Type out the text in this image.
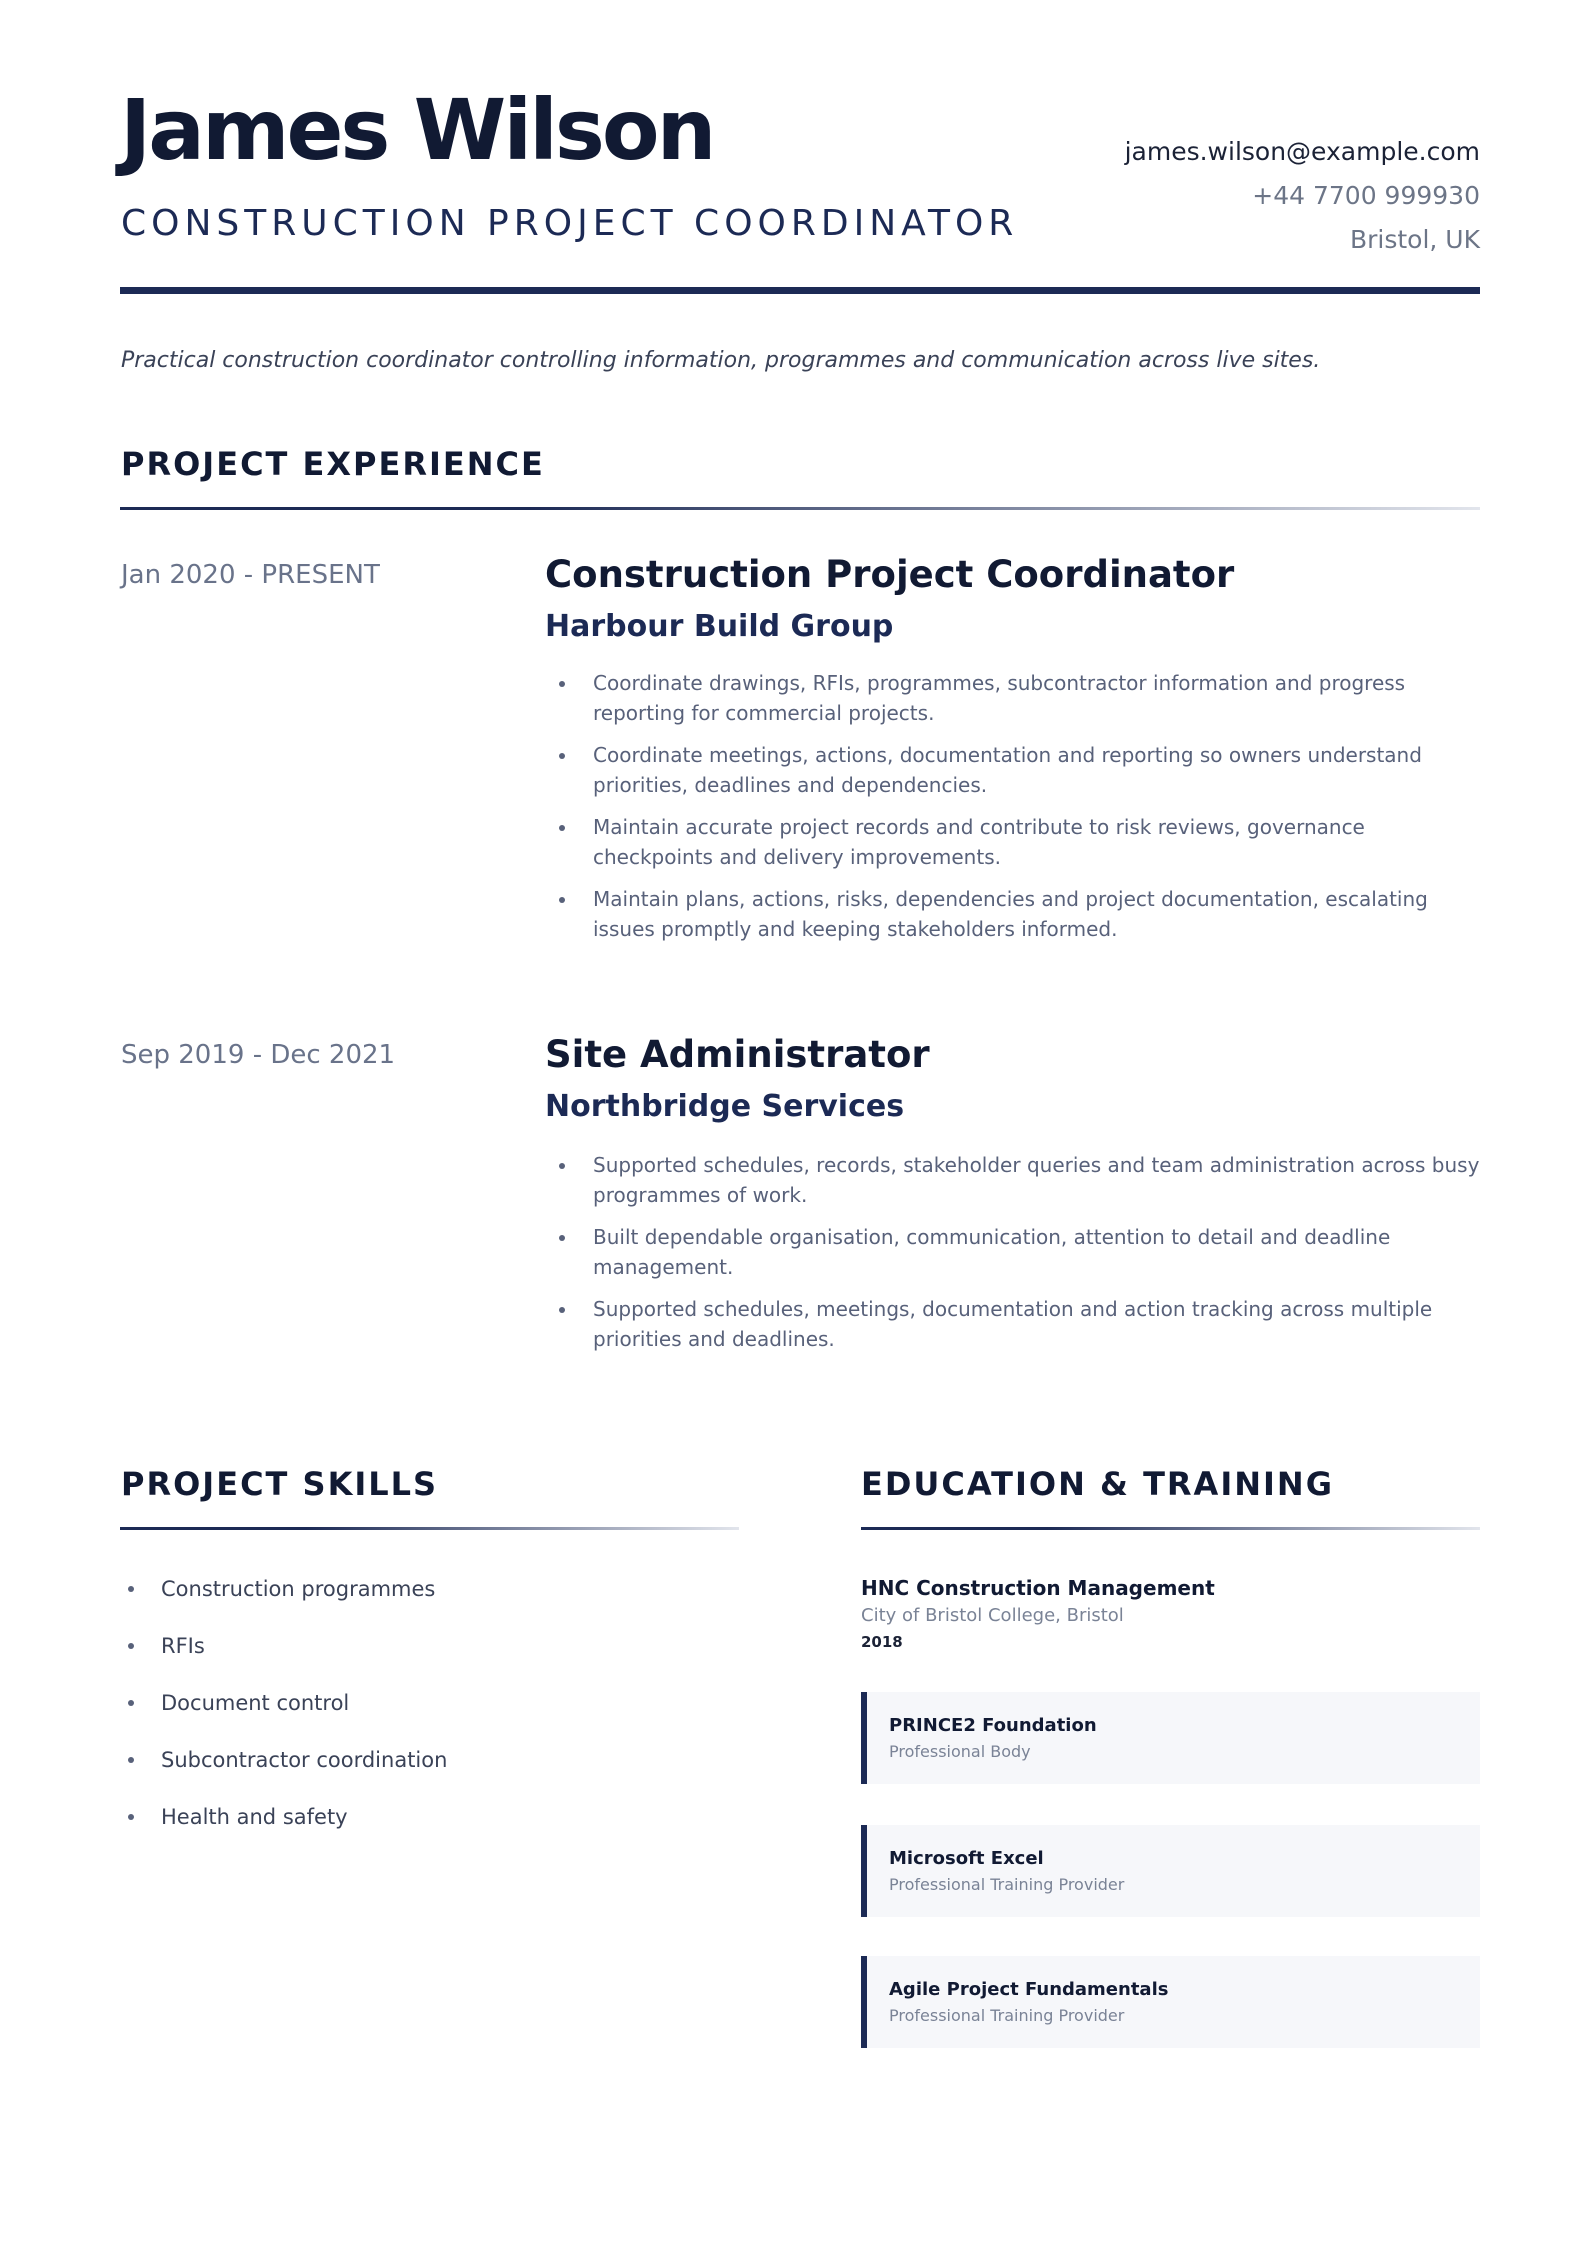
James Wilson
CONSTRUCTION PROJECT COORDINATOR
james.wilson@example.com
+44 7700 999930
Bristol, UK
Practical construction coordinator controlling information, programmes and communication across live sites.
PROJECT EXPERIENCE
Jan 2020 - PRESENT	Construction Project Coordinator
Harbour Build Group
Coordinate drawings, RFIs, programmes, subcontractor information and progress reporting for commercial projects.
Coordinate meetings, actions, documentation and reporting so owners understand priorities, deadlines and dependencies.
Maintain accurate project records and contribute to risk reviews, governance checkpoints and delivery improvements.
Maintain plans, actions, risks, dependencies and project documentation, escalating issues promptly and keeping stakeholders informed.
Sep 2019 - Dec 2021	Site Administrator
Northbridge Services
Supported schedules, records, stakeholder queries and team administration across busy programmes of work.
Built dependable organisation, communication, attention to detail and deadline management.
Supported schedules, meetings, documentation and action tracking across multiple priorities and deadlines.
PROJECT SKILLS
Construction programmes
RFIs
Document control
Subcontractor coordination
Health and safety
EDUCATION & TRAINING
HNC Construction Management
City of Bristol College, Bristol
2018
PRINCE2 Foundation
Professional Body
Microsoft Excel
Professional Training Provider
Agile Project Fundamentals
Professional Training Provider
